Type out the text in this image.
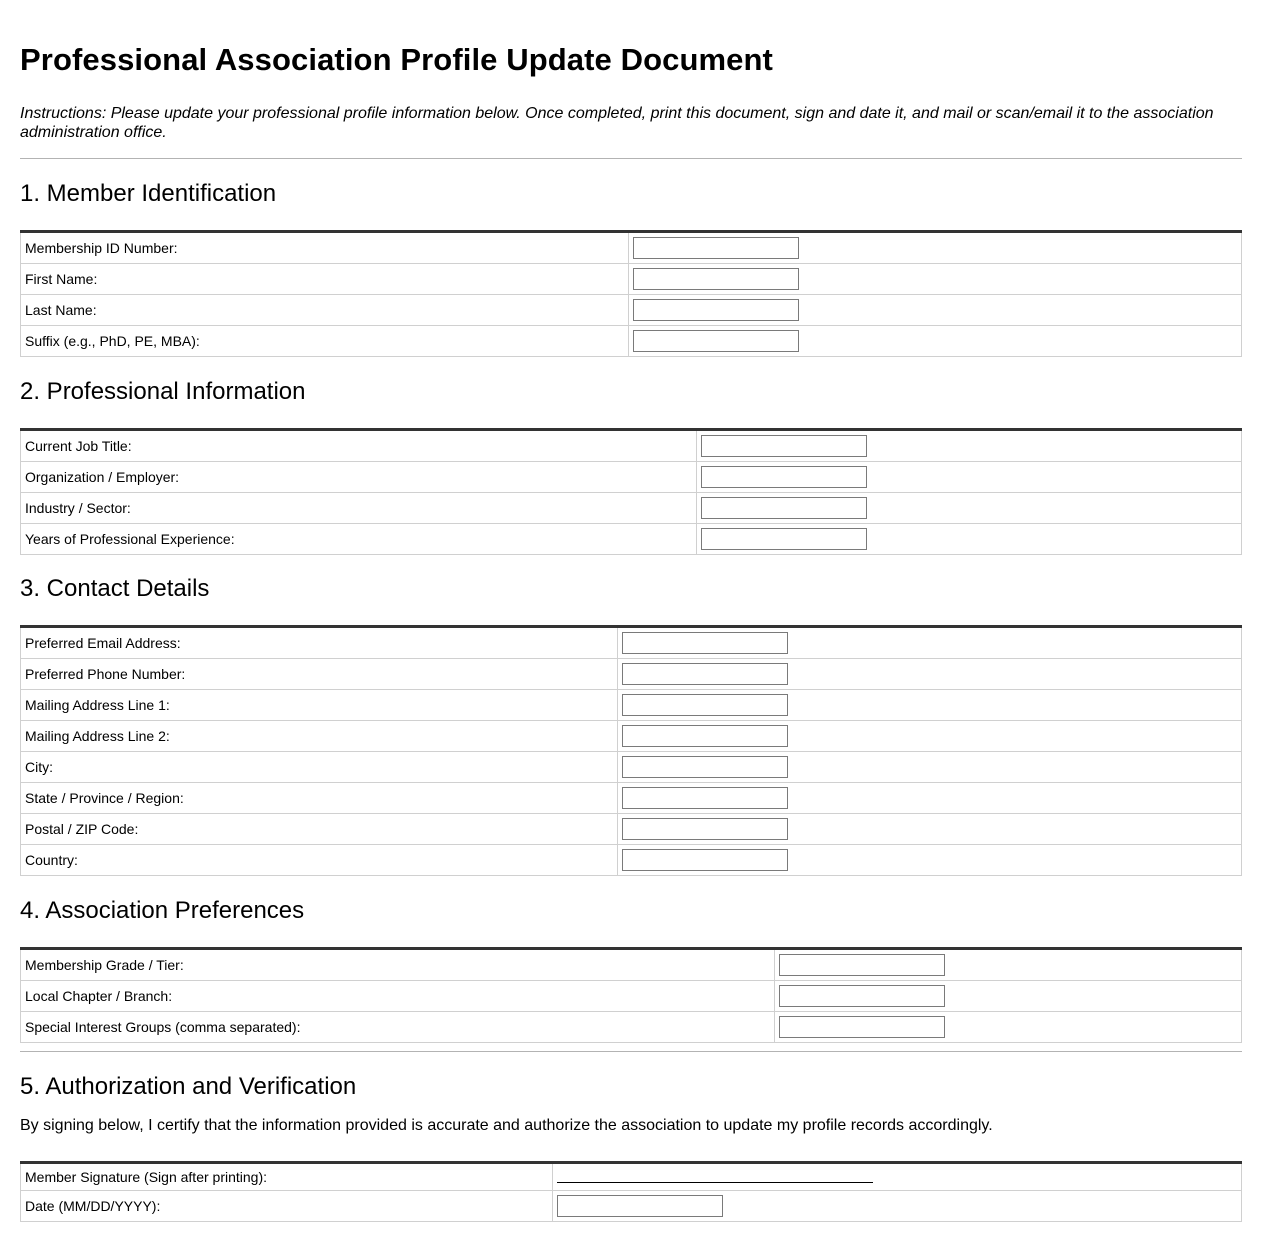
Professional Association Profile Update Document
Instructions: Please update your professional profile information below. Once completed, print this document, sign and date it, and mail or scan/email it to the association administration office.
1. Member Identification
Membership ID Number:	

First Name:	

Last Name:	

Suffix (e.g., PhD, PE, MBA):	
2. Professional Information
Current Job Title:	

Organization / Employer:	

Industry / Sector:	

Years of Professional Experience:	
3. Contact Details
Preferred Email Address:	

Preferred Phone Number:	

Mailing Address Line 1:	

Mailing Address Line 2:	

City:	

State / Province / Region:	

Postal / ZIP Code:	

Country:	
4. Association Preferences
Membership Grade / Tier:	

Local Chapter / Branch:	

Special Interest Groups (comma separated):	
5. Authorization and Verification
By signing below, I certify that the information provided is accurate and authorize the association to update my profile records accordingly.
Member Signature (Sign after printing):	

Date (MM/DD/YYYY):	
